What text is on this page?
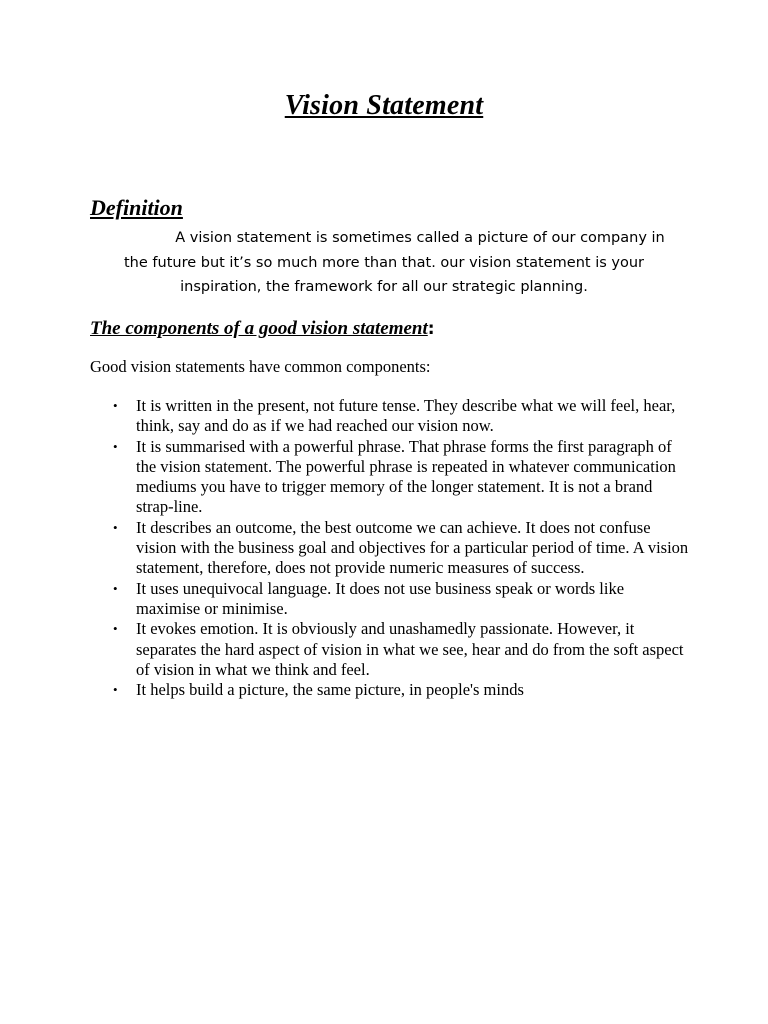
Vision Statement
Definition
A vision statement is sometimes called a picture of our company in the future but it’s so much more than that. our vision statement is your inspiration, the framework for all our strategic planning.
The components of a good vision statement:
Good vision statements have common components:
• It is written in the present, not future tense. They describe what we will feel, hear, think, say and do as if we had reached our vision now.
• It is summarised with a powerful phrase. That phrase forms the first paragraph of the vision statement. The powerful phrase is repeated in whatever communication mediums you have to trigger memory of the longer statement. It is not a brand strap-line.
• It describes an outcome, the best outcome we can achieve. It does not confuse vision with the business goal and objectives for a particular period of time. A vision statement, therefore, does not provide numeric measures of success.
• It uses unequivocal language. It does not use business speak or words like maximise or minimise.
• It evokes emotion. It is obviously and unashamedly passionate. However, it separates the hard aspect of vision in what we see, hear and do from the soft aspect of vision in what we think and feel.
• It helps build a picture, the same picture, in people's minds
